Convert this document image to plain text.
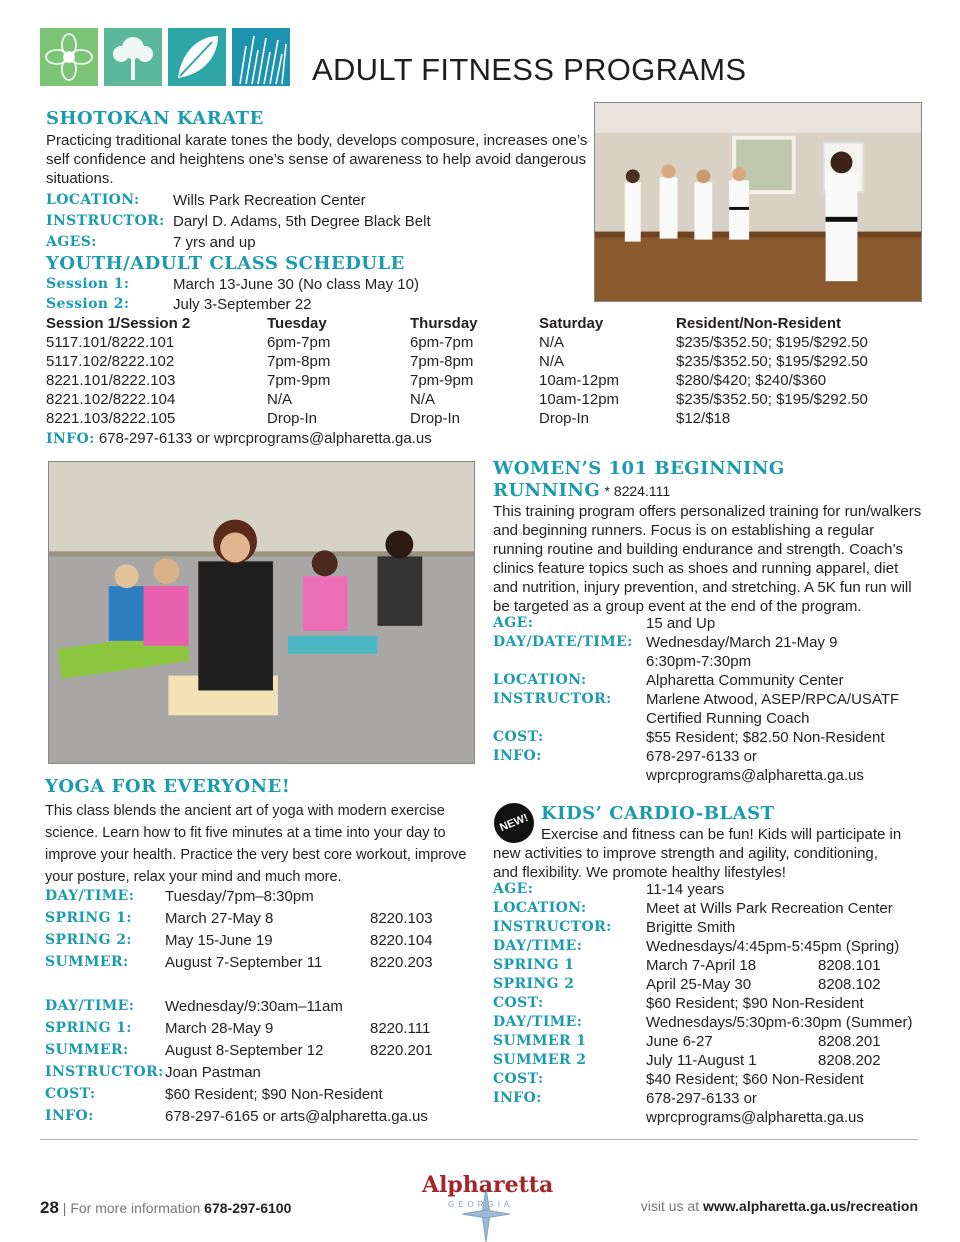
ADULT FITNESS PROGRAMS
SHOTOKAN KARATE
Practicing traditional karate tones the body, develops composure, increases one’s
self confidence and heightens one’s sense of awareness to help avoid dangerous
situations.
LOCATION: Wills Park Recreation Center
INSTRUCTOR: Daryl D. Adams, 5th Degree Black Belt
AGES:	7 yrs and up
YOUTH/ADULT CLASS SCHEDULE
Session 1:	March 13-June 30 (No class May 10)
Session 2:	July 3-September 22
Session 1/Session 2	Tuesday	Thursday	Saturday	Resident/Non-Resident
5117.101/8222.101	6pm-7pm	6pm-7pm	N/A	$235/$352.50; $195/$292.50
5117.102/8222.102	7pm-8pm	7pm-8pm	N/A	$235/$352.50; $195/$292.50
8221.101/8222.103	7pm-9pm	7pm-9pm	10am-12pm	$280/$420; $240/$360
8221.102/8222.104	N/A	N/A	10am-12pm	$235/$352.50; $195/$292.50
8221.103/8222.105	Drop-In	Drop-In	Drop-In	$12/$18
INFO: 678-297-6133 or wprcprograms@alpharetta.ga.us
YOGA FOR EVERYONE!
This class blends the ancient art of yoga with modern exercise
science. Learn how to fit five minutes at a time into your day to
improve your health. Practice the very best core workout, improve
your posture, relax your mind and much more.
DAY/TIME: Tuesday/7pm–8:30pm
SPRING 1: March 27-May 8	8220.103
SPRING 2: May 15-June 19	8220.104
SUMMER: August 7-September 11	8220.203
DAY/TIME: Wednesday/9:30am–11am
SPRING 1: March 28-May 9	8220.111
SUMMER: August 8-September 12	8220.201
INSTRUCTOR: Joan Pastman
COST:	$60 Resident; $90 Non-Resident
INFO:	678-297-6165 or arts@alpharetta.ga.us
WOMEN’S 101 BEGINNING
RUNNING * 8224.111
This training program offers personalized training for run/walkers
and beginning runners. Focus is on establishing a regular
running routine and building endurance and strength. Coach’s
clinics feature topics such as shoes and running apparel, diet
and nutrition, injury prevention, and stretching. A 5K fun run will
be targeted as a group event at the end of the program.
AGE:	15 and Up
DAY/DATE/TIME: Wednesday/March 21-May 9
6:30pm-7:30pm
LOCATION:	Alpharetta Community Center
INSTRUCTOR: Marlene Atwood, ASEP/RPCA/USATF
Certified Running Coach
COST:	$55 Resident; $82.50 Non-Resident
INFO:	678-297-6133 or
wprcprograms@alpharetta.ga.us
NEW! KIDS’ CARDIO-BLAST
Exercise and fitness can be fun! Kids will participate in
new activities to improve strength and agility, conditioning,
and flexibility. We promote healthy lifestyles!
AGE:	11-14 years
LOCATION:	Meet at Wills Park Recreation Center
INSTRUCTOR: Brigitte Smith
DAY/TIME:	Wednesdays/4:45pm-5:45pm (Spring)
SPRING 1	March 7-April 18	8208.101
SPRING 2	April 25-May 30	8208.102
COST:	$60 Resident; $90 Non-Resident
DAY/TIME:	Wednesdays/5:30pm-6:30pm (Summer)
SUMMER 1	June 6-27	8208.201
SUMMER 2	July 11-August 1	8208.202
COST:	$40 Resident; $60 Non-Resident
INFO:	678-297-6133 or
wprcprograms@alpharetta.ga.us
28 | For more information 678-297-6100
Alpharetta
GEORGIA	visit us at www.alpharetta.ga.us/recreation
